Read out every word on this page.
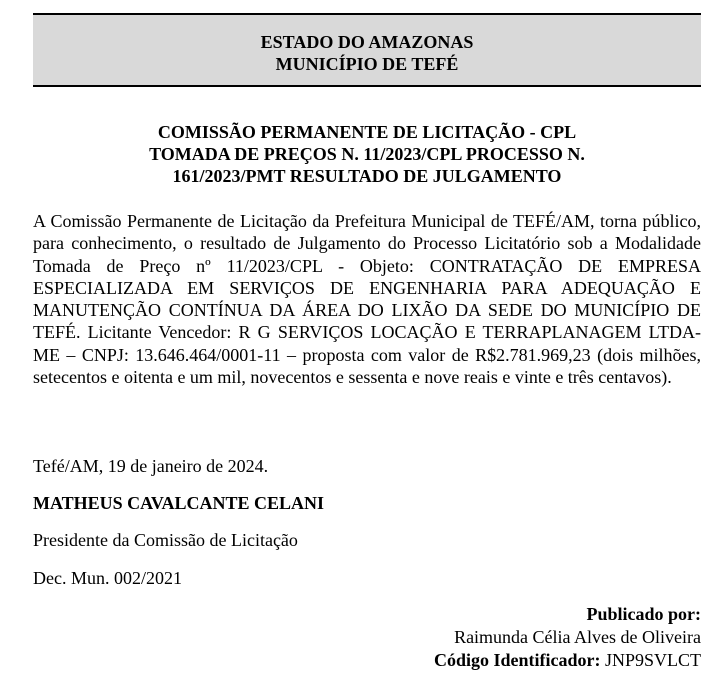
ESTADO DO AMAZONAS
MUNICÍPIO DE TEFÉ
COMISSÃO PERMANENTE DE LICITAÇÃO - CPL
TOMADA DE PREÇOS N. 11/2023/CPL PROCESSO N.
161/2023/PMT RESULTADO DE JULGAMENTO
A Comissão Permanente de Licitação da Prefeitura Municipal de TEFÉ/AM, torna público, para conhecimento, o resultado de Julgamento do Processo Licitatório sob a Modalidade Tomada de Preço nº 11/2023/CPL - Objeto: CONTRATAÇÃO DE EMPRESA ESPECIALIZADA EM SERVIÇOS DE ENGENHARIA PARA ADEQUAÇÃO E MANUTENÇÃO CONTÍNUA DA ÁREA DO LIXÃO DA SEDE DO MUNICÍPIO DE TEFÉ. Licitante Vencedor: R G SERVIÇOS LOCAÇÃO E TERRAPLANAGEM LTDA-ME – CNPJ: 13.646.464/0001-11 – proposta com valor de R$2.781.969,23 (dois milhões, setecentos e oitenta e um mil, novecentos e sessenta e nove reais e vinte e três centavos).
Tefé/AM, 19 de janeiro de 2024.
MATHEUS CAVALCANTE CELANI
Presidente da Comissão de Licitação
Dec. Mun. 002/2021
Publicado por:
Raimunda Célia Alves de Oliveira
Código Identificador: JNP9SVLCT
